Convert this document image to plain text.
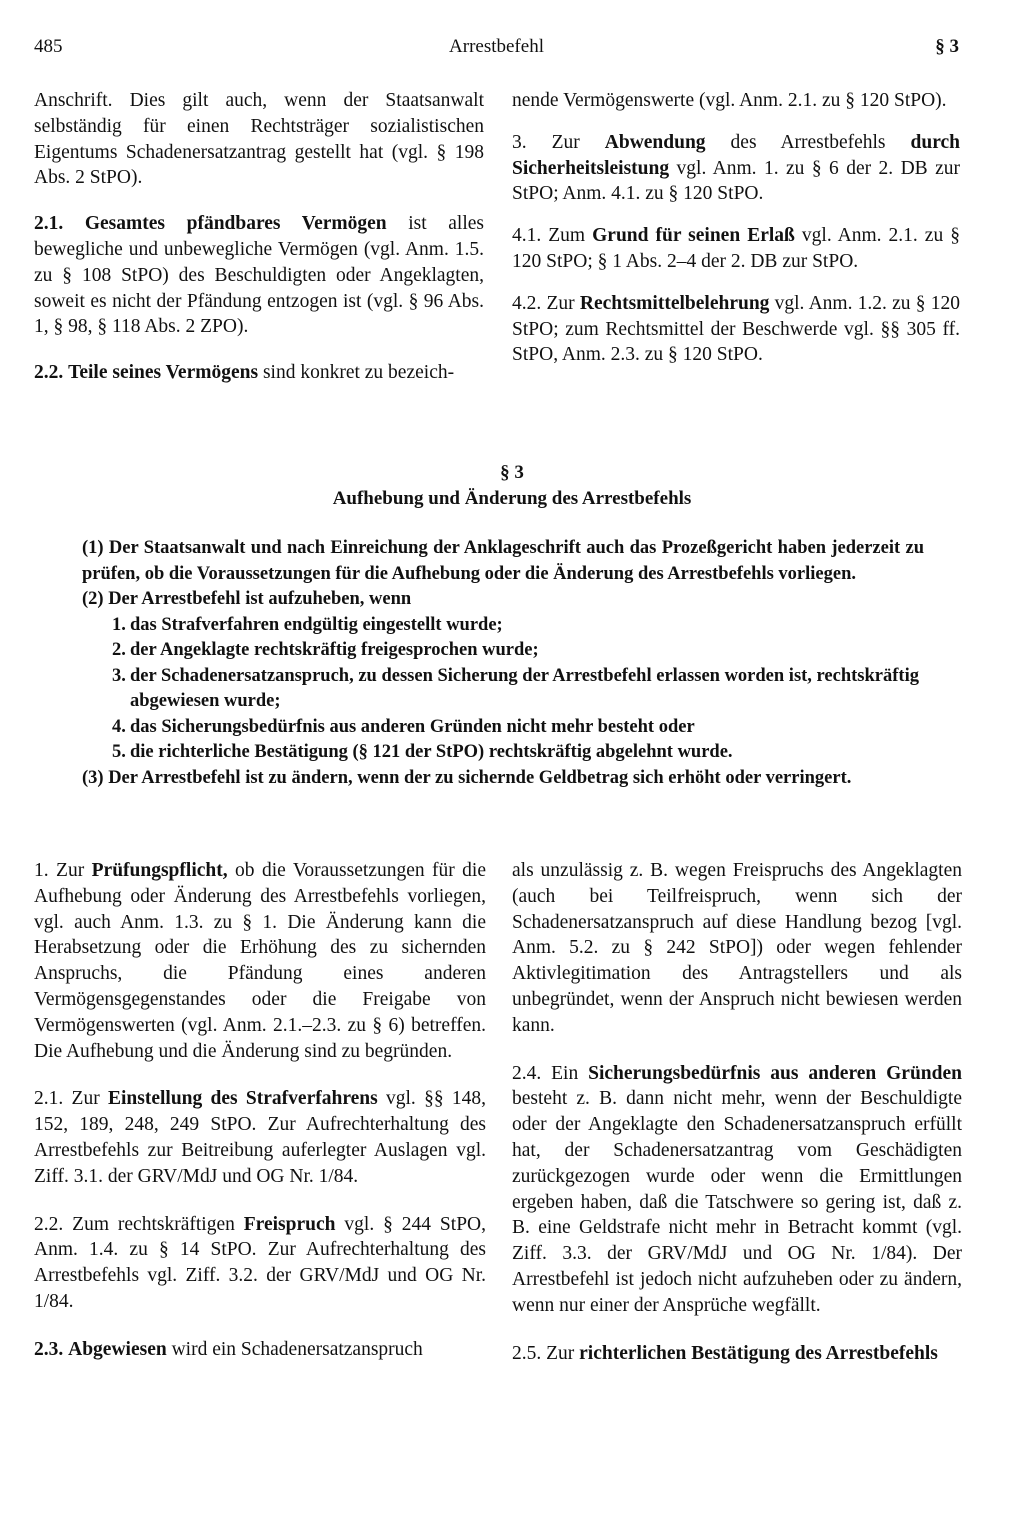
485	Arrestbefehl	§ 3

Anschrift. Dies gilt auch, wenn der Staatsanwalt selbständig für einen Rechtsträger sozialistischen Eigentums Schadenersatzantrag gestellt hat (vgl. § 198 Abs. 2 StPO).

2.1. Gesamtes pfändbares Vermögen ist alles bewegliche und unbewegliche Vermögen (vgl. Anm. 1.5. zu § 108 StPO) des Beschuldigten oder Angeklagten, soweit es nicht der Pfändung entzogen ist (vgl. § 96 Abs. 1, § 98, § 118 Abs. 2 ZPO).

2.2. Teile seines Vermögens sind konkret zu bezeich-

nende Vermögenswerte (vgl. Anm. 2.1. zu § 120 StPO).

3. Zur Abwendung des Arrestbefehls durch Sicherheitsleistung vgl. Anm. 1. zu § 6 der 2. DB zur StPO; Anm. 4.1. zu § 120 StPO.

4.1. Zum Grund für seinen Erlaß vgl. Anm. 2.1. zu § 120 StPO; § 1 Abs. 2–4 der 2. DB zur StPO.

4.2. Zur Rechtsmittelbelehrung vgl. Anm. 1.2. zu § 120 StPO; zum Rechtsmittel der Beschwerde vgl. §§ 305 ff. StPO, Anm. 2.3. zu § 120 StPO.

§ 3
Aufhebung und Änderung des Arrestbefehls

(1) Der Staatsanwalt und nach Einreichung der Anklageschrift auch das Prozeßgericht haben jederzeit zu prüfen, ob die Voraussetzungen für die Aufhebung oder die Änderung des Arrestbefehls vorliegen.

(2) Der Arrestbefehl ist aufzuheben, wenn

1. das Strafverfahren endgültig eingestellt wurde;
2. der Angeklagte rechtskräftig freigesprochen wurde;
3. der Schadenersatzanspruch, zu dessen Sicherung der Arrestbefehl erlassen worden ist, rechtskräftig abgewiesen wurde;
4. das Sicherungsbedürfnis aus anderen Gründen nicht mehr besteht oder
5. die richterliche Bestätigung (§ 121 der StPO) rechtskräftig abgelehnt wurde.

(3) Der Arrestbefehl ist zu ändern, wenn der zu sichernde Geldbetrag sich erhöht oder verringert.

1. Zur Prüfungspflicht, ob die Voraussetzungen für die Aufhebung oder Änderung des Arrestbefehls vorliegen, vgl. auch Anm. 1.3. zu § 1. Die Änderung kann die Herabsetzung oder die Erhöhung des zu sichernden Anspruchs, die Pfändung eines anderen Vermögensgegenstandes oder die Freigabe von Vermögenswerten (vgl. Anm. 2.1.–2.3. zu § 6) betreffen. Die Aufhebung und die Änderung sind zu begründen.

2.1. Zur Einstellung des Strafverfahrens vgl. §§ 148, 152, 189, 248, 249 StPO. Zur Aufrechterhaltung des Arrestbefehls zur Beitreibung auferlegter Auslagen vgl. Ziff. 3.1. der GRV/MdJ und OG Nr. 1/84.

2.2. Zum rechtskräftigen Freispruch vgl. § 244 StPO, Anm. 1.4. zu § 14 StPO. Zur Aufrechterhaltung des Arrestbefehls vgl. Ziff. 3.2. der GRV/MdJ und OG Nr. 1/84.

2.3. Abgewiesen wird ein Schadenersatzanspruch

als unzulässig z. B. wegen Freispruchs des Angeklagten (auch bei Teilfreispruch, wenn sich der Schadenersatzanspruch auf diese Handlung bezog [vgl. Anm. 5.2. zu § 242 StPO]) oder wegen fehlender Aktivlegitimation des Antragstellers und als unbegründet, wenn der Anspruch nicht bewiesen werden kann.

2.4. Ein Sicherungsbedürfnis aus anderen Gründen besteht z. B. dann nicht mehr, wenn der Beschuldigte oder der Angeklagte den Schadenersatzanspruch erfüllt hat, der Schadenersatzantrag vom Geschädigten zurückgezogen wurde oder wenn die Ermittlungen ergeben haben, daß die Tatschwere so gering ist, daß z. B. eine Geldstrafe nicht mehr in Betracht kommt (vgl. Ziff. 3.3. der GRV/MdJ und OG Nr. 1/84). Der Arrestbefehl ist jedoch nicht aufzuheben oder zu ändern, wenn nur einer der Ansprüche wegfällt.

2.5. Zur richterlichen Bestätigung des Arrestbefehls
